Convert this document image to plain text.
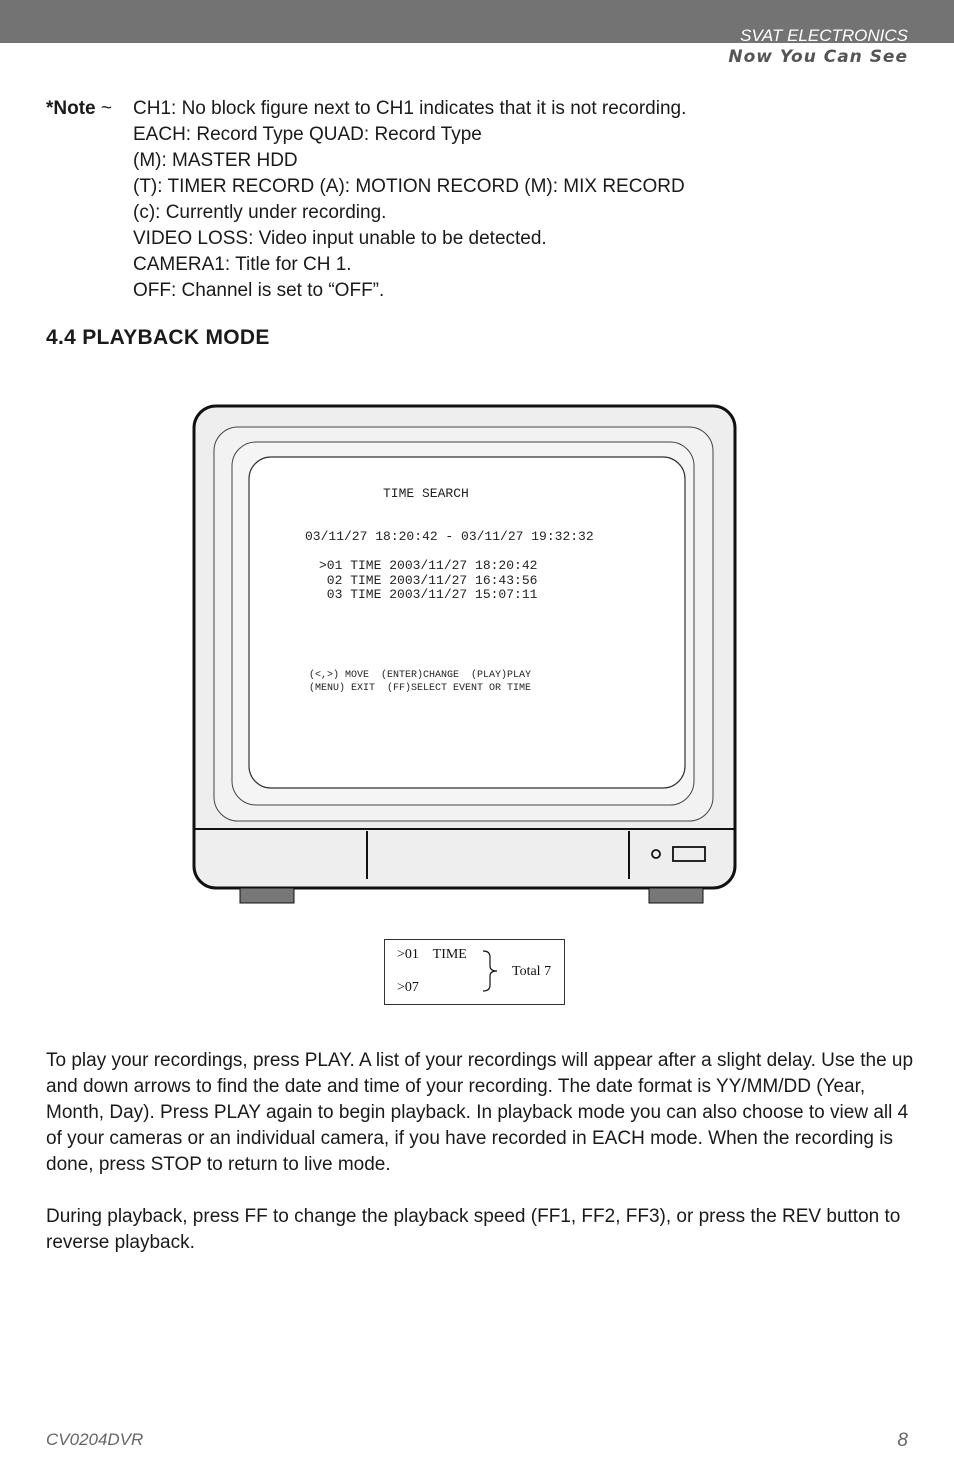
SVAT ELECTRONICS
Now You Can See
*Note ~ CH1: No block figure next to CH1 indicates that it is not recording.
EACH: Record Type QUAD: Record Type
(M): MASTER HDD
(T): TIMER RECORD (A): MOTION RECORD (M): MIX RECORD
(c): Currently under recording.
VIDEO LOSS: Video input unable to be detected.
CAMERA1: Title for CH 1.
OFF: Channel is set to “OFF”.
4.4 PLAYBACK MODE
TIME SEARCH
03/11/27 18:20:42 - 03/11/27 19:32:32
>01 TIME 2003/11/27 18:20:42
02 TIME 2003/11/27 16:43:56
03 TIME 2003/11/27 15:07:11
(<,>) MOVE  (ENTER)CHANGE  (PLAY)PLAY
(MENU) EXIT  (FF)SELECT EVENT OR TIME
>01    TIME
>07
Total 7
To play your recordings, press PLAY. A list of your recordings will appear after a slight delay. Use the up and down arrows to find the date and time of your recording. The date format is YY/MM/DD (Year, Month, Day). Press PLAY again to begin playback. In playback mode you can also choose to view all 4 of your cameras or an individual camera, if you have recorded in EACH mode. When the recording is done, press STOP to return to live mode.
During playback, press FF to change the playback speed (FF1, FF2, FF3), or press the REV button to reverse playback.
CV0204DVR	8
